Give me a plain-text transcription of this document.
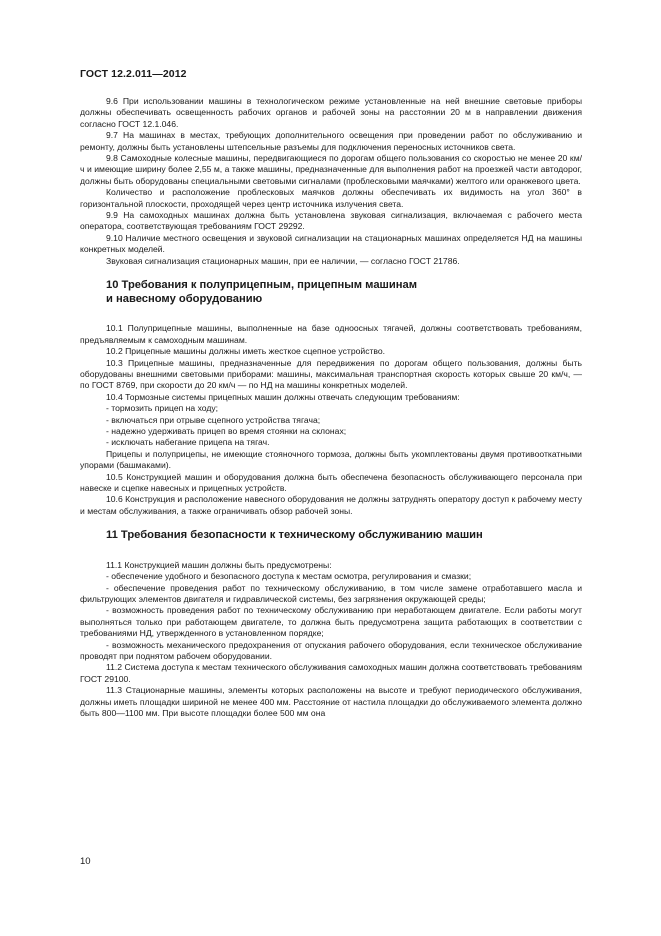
ГОСТ 12.2.011—2012

9.6 При использовании машины в технологическом режиме установленные на ней внешние световые приборы должны обеспечивать освещенность рабочих органов и рабочей зоны на расстоянии 20 м в направлении движения согласно ГОСТ 12.1.046.

9.7 На машинах в местах, требующих дополнительного освещения при проведении работ по обслуживанию и ремонту, должны быть установлены штепсельные разъемы для подключения переносных источников света.

9.8 Самоходные колесные машины, передвигающиеся по дорогам общего пользования со скоростью не менее 20 км/ч и имеющие ширину более 2,55 м, а также машины, предназначенные для выполнения работ на проезжей части автодорог, должны быть оборудованы специальными световыми сигналами (проблесковыми маячками) желтого или оранжевого цвета.

Количество и расположение проблесковых маячков должны обеспечивать их видимость на угол 360° в горизонтальной плоскости, проходящей через центр источника излучения света.

9.9 На самоходных машинах должна быть установлена звуковая сигнализация, включаемая с рабочего места оператора, соответствующая требованиям ГОСТ 29292.

9.10 Наличие местного освещения и звуковой сигнализации на стационарных машинах определяется НД на машины конкретных моделей.

Звуковая сигнализация стационарных машин, при ее наличии, — согласно ГОСТ 21786.

10 Требования к полуприцепным, прицепным машинам
и навесному оборудованию

10.1 Полуприцепные машины, выполненные на базе одноосных тягачей, должны соответствовать требованиям, предъявляемым к самоходным машинам.

10.2 Прицепные машины должны иметь жесткое сцепное устройство.

10.3 Прицепные машины, предназначенные для передвижения по дорогам общего пользования, должны быть оборудованы внешними световыми приборами: машины, максимальная транспортная скорость которых свыше 20 км/ч, — по ГОСТ 8769, при скорости до 20 км/ч — по НД на машины конкретных моделей.

10.4 Тормозные системы прицепных машин должны отвечать следующим требованиям:

- тормозить прицеп на ходу;

- включаться при отрыве сцепного устройства тягача;

- надежно удерживать прицеп во время стоянки на склонах;

- исключать набегание прицепа на тягач.

Прицепы и полуприцепы, не имеющие стояночного тормоза, должны быть укомплектованы двумя противооткатными упорами (башмаками).

10.5 Конструкцией машин и оборудования должна быть обеспечена безопасность обслуживающего персонала при навеске и сцепке навесных и прицепных устройств.

10.6 Конструкция и расположение навесного оборудования не должны затруднять оператору доступ к рабочему месту и местам обслуживания, а также ограничивать обзор рабочей зоны.

11 Требования безопасности к техническому обслуживанию машин

11.1 Конструкцией машин должны быть предусмотрены:

- обеспечение удобного и безопасного доступа к местам осмотра, регулирования и смазки;

- обеспечение проведения работ по техническому обслуживанию, в том числе замене отработавшего масла и фильтрующих элементов двигателя и гидравлической системы, без загрязнения окружающей среды;

- возможность проведения работ по техническому обслуживанию при неработающем двигателе. Если работы могут выполняться только при работающем двигателе, то должна быть предусмотрена защита работающих в соответствии с требованиями НД, утвержденного в установленном порядке;

- возможность механического предохранения от опускания рабочего оборудования, если техническое обслуживание проводят при поднятом рабочем оборудовании.

11.2 Система доступа к местам технического обслуживания самоходных машин должна соответствовать требованиям ГОСТ 29100.

11.3 Стационарные машины, элементы которых расположены на высоте и требуют периодического обслуживания, должны иметь площадки шириной не менее 400 мм. Расстояние от настила площадки до обслуживаемого элемента должно быть 800—1100 мм. При высоте площадки более 500 мм она

10
